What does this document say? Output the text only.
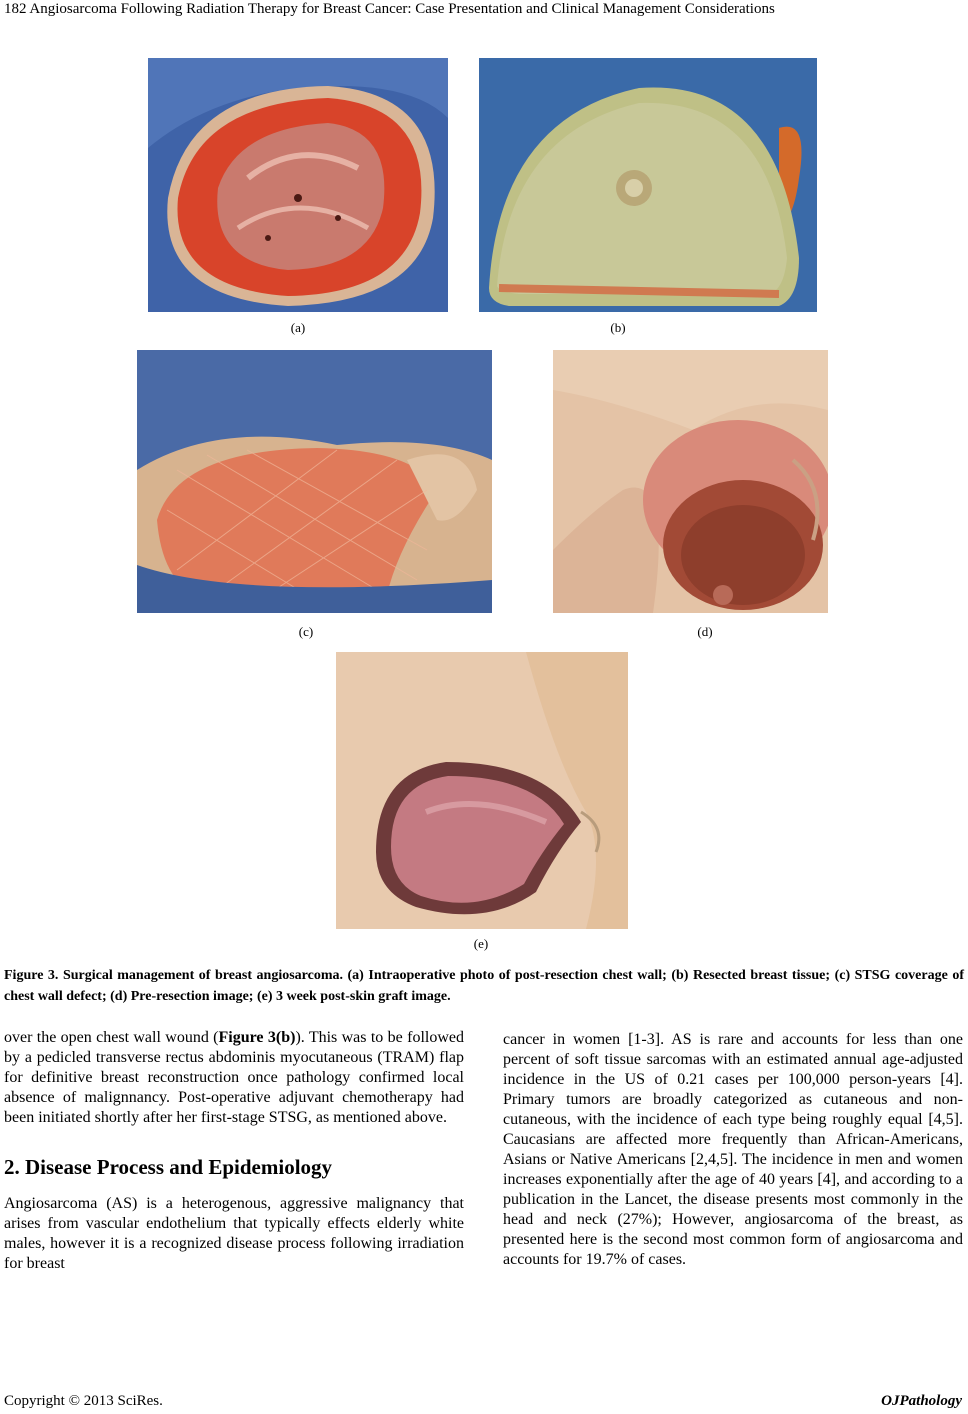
182 Angiosarcoma Following Radiation Therapy for Breast Cancer: Case Presentation and Clinical Management Considerations
(a)	(b)
(c)	(d)
(e)
Figure 3. Surgical management of breast angiosarcoma. (a) Intraoperative photo of post-resection chest wall; (b) Resected breast tissue; (c) STSG coverage of chest wall defect; (d) Pre-resection image; (e) 3 week post-skin graft image.

over the open chest wall wound (Figure 3(b)). This was to be followed by a pedicled transverse rectus abdominis myocutaneous (TRAM) flap for definitive breast reconstruction once pathology confirmed local absence of malignnancy. Post-operative adjuvant chemotherapy had been initiated shortly after her first-stage STSG, as mentioned above.

2. Disease Process and Epidemiology

Angiosarcoma (AS) is a heterogenous, aggressive malignancy that arises from vascular endothelium that typically effects elderly white males, however it is a recognized disease process following irradiation for breast

cancer in women [1-3]. AS is rare and accounts for less than one percent of soft tissue sarcomas with an estimated annual age-adjusted incidence in the US of 0.21 cases per 100,000 person-years [4]. Primary tumors are broadly categorized as cutaneous and non-cutaneous, with the incidence of each type being roughly equal [4,5]. Caucasians are affected more frequently than African-Americans, Asians or Native Americans [2,4,5]. The incidence in men and women increases exponentially after the age of 40 years [4], and according to a publication in the Lancet, the disease presents most commonly in the head and neck (27%); However, angiosarcoma of the breast, as presented here is the second most common form of angiosarcoma and accounts for 19.7% of cases.

Copyright © 2013 SciRes.	OJPathology
